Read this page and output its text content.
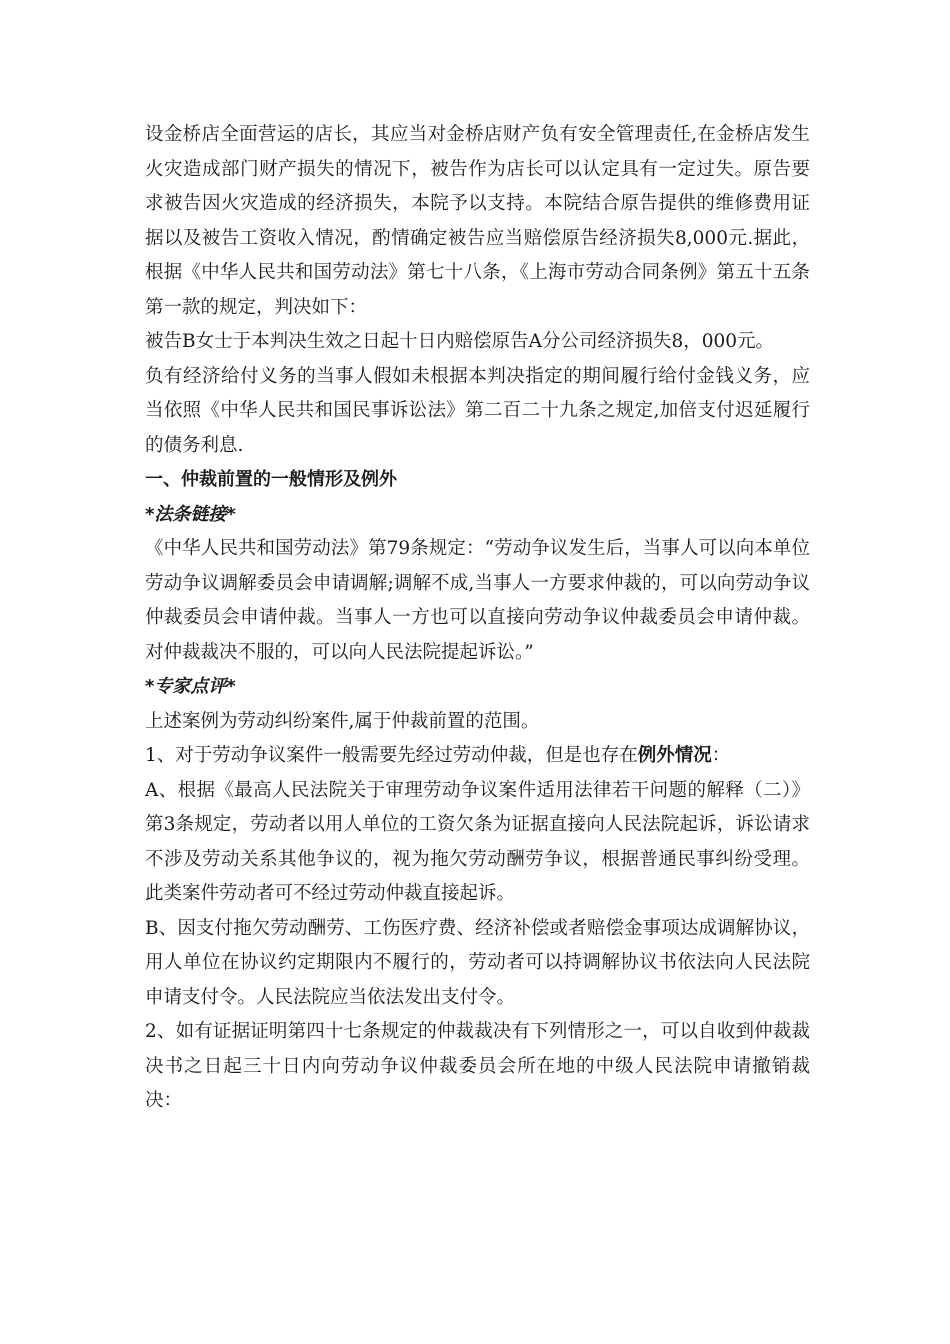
设金桥店全面营运的店长，其应当对金桥店财产负有安全管理责任,在金桥店发生火灾造成部门财产损失的情况下，被告作为店长可以认定具有一定过失。原告要求被告因火灾造成的经济损失，本院予以支持。本院结合原告提供的维修费用证据以及被告工资收入情况，酌情确定被告应当赔偿原告经济损失8,000元.据此，根据《中华人民共和国劳动法》第七十八条，《上海市劳动合同条例》第五十五条第一款的规定，判决如下：

被告B女士于本判决生效之日起十日内赔偿原告A分公司经济损失8，000元。

负有经济给付义务的当事人假如未根据本判决指定的期间履行给付金钱义务，应当依照《中华人民共和国民事诉讼法》第二百二十九条之规定,加倍支付迟延履行的债务利息.

一、仲裁前置的一般情形及例外

*法条链接*

《中华人民共和国劳动法》第79条规定：“劳动争议发生后，当事人可以向本单位劳动争议调解委员会申请调解;调解不成,当事人一方要求仲裁的，可以向劳动争议仲裁委员会申请仲裁。当事人一方也可以直接向劳动争议仲裁委员会申请仲裁。对仲裁裁决不服的，可以向人民法院提起诉讼。”

*专家点评*

上述案例为劳动纠纷案件,属于仲裁前置的范围。

1、对于劳动争议案件一般需要先经过劳动仲裁，但是也存在例外情况：

A、根据《最高人民法院关于审理劳动争议案件适用法律若干问题的解释（二）》第3条规定，劳动者以用人单位的工资欠条为证据直接向人民法院起诉，诉讼请求不涉及劳动关系其他争议的，视为拖欠劳动酬劳争议，根据普通民事纠纷受理。此类案件劳动者可不经过劳动仲裁直接起诉。

B、因支付拖欠劳动酬劳、工伤医疗费、经济补偿或者赔偿金事项达成调解协议，用人单位在协议约定期限内不履行的，劳动者可以持调解协议书依法向人民法院申请支付令。人民法院应当依法发出支付令。

2、如有证据证明第四十七条规定的仲裁裁决有下列情形之一，可以自收到仲裁裁决书之日起三十日内向劳动争议仲裁委员会所在地的中级人民法院申请撤销裁决：
